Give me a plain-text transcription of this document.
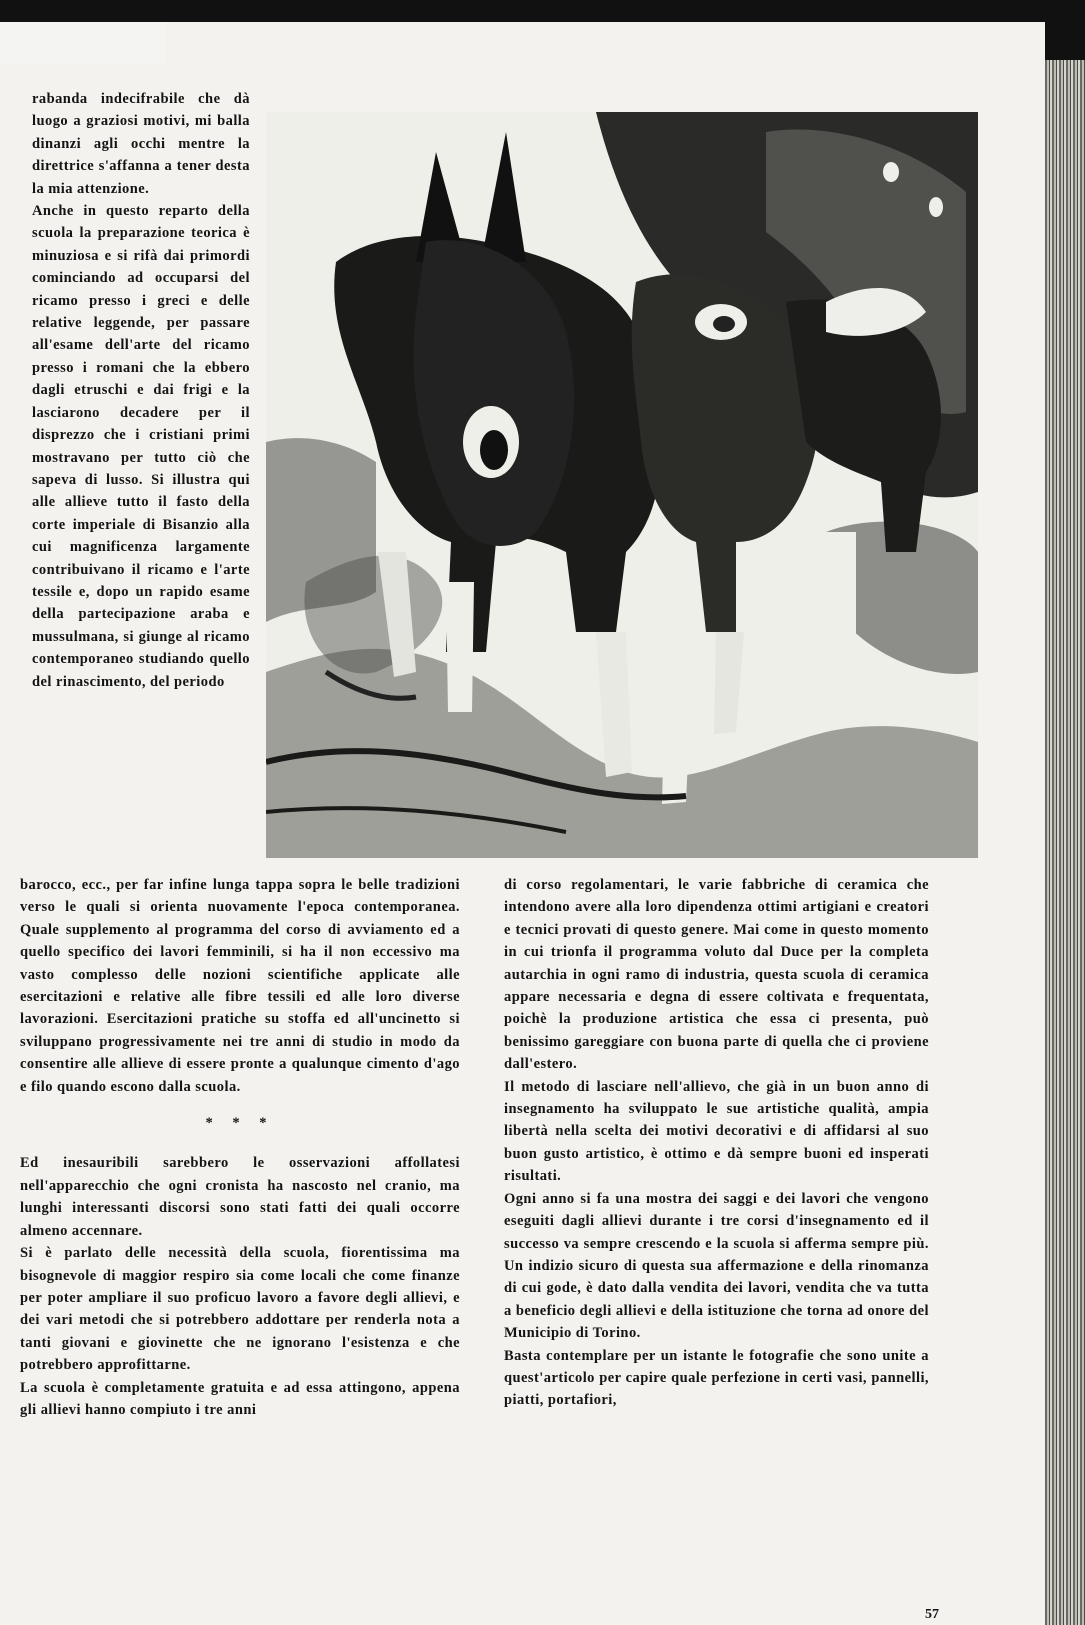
rabanda indecifrabile che dà luogo a graziosi motivi, mi balla dinanzi agli occhi mentre la direttrice s'affanna a tener desta la mia attenzione.

Anche in questo reparto della scuola la preparazione teorica è minuziosa e si rifà dai primordi cominciando ad occuparsi del ricamo presso i greci e delle relative leggende, per passare all'esame dell'arte del ricamo presso i romani che la ebbero dagli etruschi e dai frigi e la lasciarono decadere per il disprezzo che i cristiani primi mostravano per tutto ciò che sapeva di lusso. Si illustra qui alle allieve tutto il fasto della corte imperiale di Bisanzio alla cui magnificenza largamente contribuivano il ricamo e l'arte tessile e, dopo un rapido esame della partecipazione araba e mussulmana, si giunge al ricamo contemporaneo studiando quello del rinascimento, del periodo

barocco, ecc., per far infine lunga tappa sopra le belle tradizioni verso le quali si orienta nuovamente l'epoca contemporanea. Quale supplemento al programma del corso di avviamento ed a quello specifico dei lavori femminili, si ha il non eccessivo ma vasto complesso delle nozioni scientifiche applicate alle esercitazioni e relative alle fibre tessili ed alle loro diverse lavorazioni. Esercitazioni pratiche su stoffa ed all'uncinetto si sviluppano progressivamente nei tre anni di studio in modo da consentire alle allieve di essere pronte a qualunque cimento d'ago e filo quando escono dalla scuola.

* * *

Ed inesauribili sarebbero le osservazioni affollatesi nell'apparecchio che ogni cronista ha nascosto nel cranio, ma lunghi interessanti discorsi sono stati fatti dei quali occorre almeno accennare.

Si è parlato delle necessità della scuola, fiorentissima ma bisognevole di maggior respiro sia come locali che come finanze per poter ampliare il suo proficuo lavoro a favore degli allievi, e dei vari metodi che si potrebbero addottare per renderla nota a tanti giovani e giovinette che ne ignorano l'esistenza e che potrebbero approfittarne.

La scuola è completamente gratuita e ad essa attingono, appena gli allievi hanno compiuto i tre anni

di corso regolamentari, le varie fabbriche di ceramica che intendono avere alla loro dipendenza ottimi artigiani e creatori e tecnici provati di questo genere. Mai come in questo momento in cui trionfa il programma voluto dal Duce per la completa autarchia in ogni ramo di industria, questa scuola di ceramica appare necessaria e degna di essere coltivata e frequentata, poichè la produzione artistica che essa ci presenta, può benissimo gareggiare con buona parte di quella che ci proviene dall'estero.

Il metodo di lasciare nell'allievo, che già in un buon anno di insegnamento ha sviluppato le sue artistiche qualità, ampia libertà nella scelta dei motivi decorativi e di affidarsi al suo buon gusto artistico, è ottimo e dà sempre buoni ed insperati risultati.

Ogni anno si fa una mostra dei saggi e dei lavori che vengono eseguiti dagli allievi durante i tre corsi d'insegnamento ed il successo va sempre crescendo e la scuola si afferma sempre più. Un indizio sicuro di questa sua affermazione e della rinomanza di cui gode, è dato dalla vendita dei lavori, vendita che va tutta a beneficio degli allievi e della istituzione che torna ad onore del Municipio di Torino.

Basta contemplare per un istante le fotografie che sono unite a quest'articolo per capire quale perfezione in certi vasi, pannelli, piatti, portafiori,

57
